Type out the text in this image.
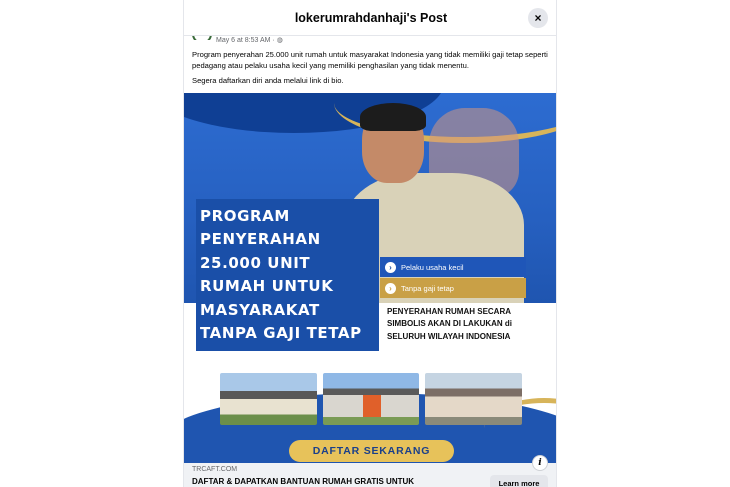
lokerumrahdanhaji's Post	×
May 6 at 8:53 AM · ◍

Program penyerahan 25.000 unit rumah untuk masyarakat Indonesia yang tidak memiliki gaji tetap seperti pedagang atau pelaku usaha kecil yang memiliki penghasilan yang tidak menentu.

Segera daftarkan diri anda melalui link di bio.

PROGRAM PENYERAHAN 25.000 UNIT RUMAH UNTUK MASYARAKAT TANPA GAJI TETAP
›	Pelaku usaha kecil
›	Tanpa gaji tetap
PENYERAHAN RUMAH SECARA SIMBOLIS AKAN DI LAKUKAN di SELURUH WILAYAH INDONESIA
DAFTAR SEKARANG
i
TRCAFT.COM
DAFTAR & DAPATKAN BANTUAN RUMAH GRATIS UNTUK	Learn more
